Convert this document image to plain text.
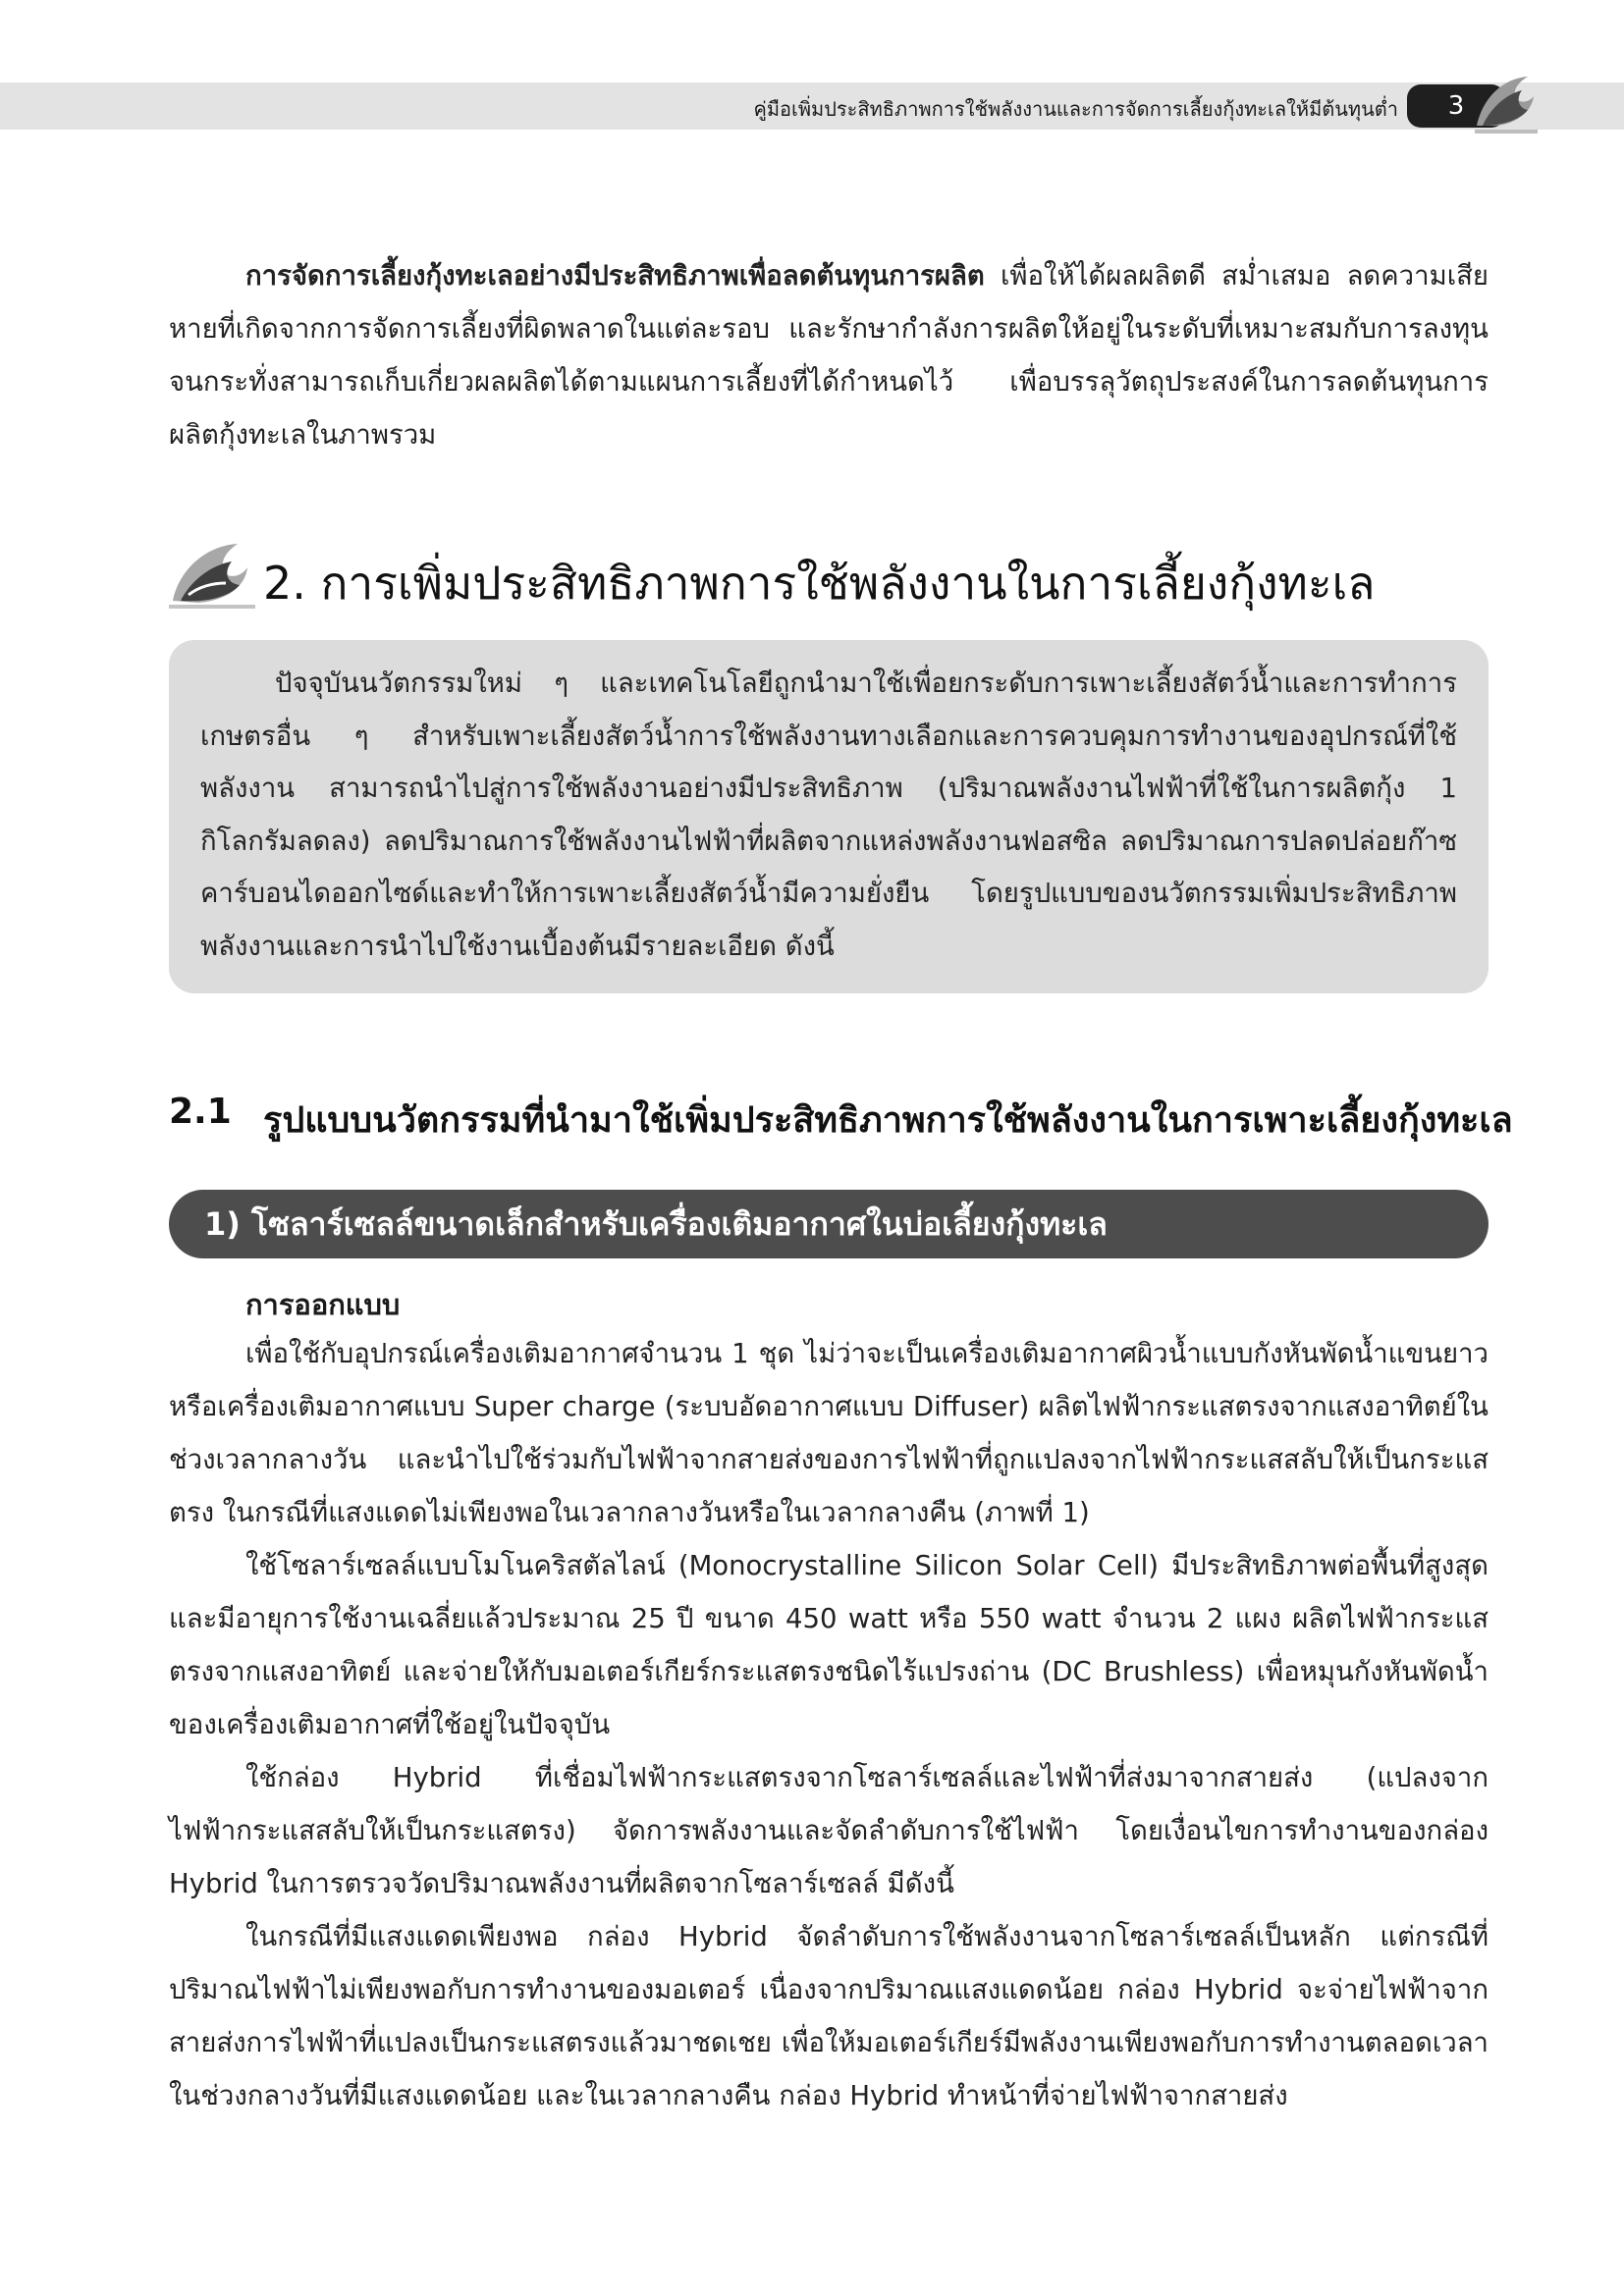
คู่มือเพิ่มประสิทธิภาพการใช้พลังงานและการจัดการเลี้ยงกุ้งทะเลให้มีต้นทุนต่ำ	3

การจัดการเลี้ยงกุ้งทะเลอย่างมีประสิทธิภาพเพื่อลดต้นทุนการผลิต เพื่อให้ได้ผลผลิตดี สม่ำเสมอ ลดความเสียหายที่เกิดจากการจัดการเลี้ยงที่ผิดพลาดในแต่ละรอบ และรักษากำลังการผลิตให้อยู่ในระดับที่เหมาะสมกับการลงทุนจนกระทั่งสามารถเก็บเกี่ยวผลผลิตได้ตามแผนการเลี้ยงที่ได้กำหนดไว้ เพื่อบรรลุวัตถุประสงค์ในการลดต้นทุนการผลิตกุ้งทะเลในภาพรวม

2. การเพิ่มประสิทธิภาพการใช้พลังงานในการเลี้ยงกุ้งทะเล

ปัจจุบันนวัตกรรมใหม่ ๆ และเทคโนโลยีถูกนำมาใช้เพื่อยกระดับการเพาะเลี้ยงสัตว์น้ำและการทำการเกษตรอื่น ๆ สำหรับเพาะเลี้ยงสัตว์น้ำการใช้พลังงานทางเลือกและการควบคุมการทำงานของอุปกรณ์ที่ใช้พลังงาน สามารถนำไปสู่การใช้พลังงานอย่างมีประสิทธิภาพ (ปริมาณพลังงานไฟฟ้าที่ใช้ในการผลิตกุ้ง 1 กิโลกรัมลดลง) ลดปริมาณการใช้พลังงานไฟฟ้าที่ผลิตจากแหล่งพลังงานฟอสซิล ลดปริมาณการปลดปล่อยก๊าซคาร์บอนไดออกไซด์และทำให้การเพาะเลี้ยงสัตว์น้ำมีความยั่งยืน โดยรูปแบบของนวัตกรรมเพิ่มประสิทธิภาพพลังงานและการนำไปใช้งานเบื้องต้นมีรายละเอียด ดังนี้

2.1 รูปแบบนวัตกรรมที่นำมาใช้เพิ่มประสิทธิภาพการใช้พลังงานในการเพาะเลี้ยงกุ้งทะเล
1) โซลาร์เซลล์ขนาดเล็กสำหรับเครื่องเติมอากาศในบ่อเลี้ยงกุ้งทะเล
การออกแบบ

เพื่อใช้กับอุปกรณ์เครื่องเติมอากาศจำนวน 1 ชุด ไม่ว่าจะเป็นเครื่องเติมอากาศผิวน้ำแบบกังหันพัดน้ำแขนยาวหรือเครื่องเติมอากาศแบบ Super charge (ระบบอัดอากาศแบบ Diffuser) ผลิตไฟฟ้ากระแสตรงจากแสงอาทิตย์ในช่วงเวลากลางวัน และนำไปใช้ร่วมกับไฟฟ้าจากสายส่งของการไฟฟ้าที่ถูกแปลงจากไฟฟ้ากระแสสลับให้เป็นกระแสตรง ในกรณีที่แสงแดดไม่เพียงพอในเวลากลางวันหรือในเวลากลางคืน (ภาพที่ 1)

ใช้โซลาร์เซลล์แบบโมโนคริสตัลไลน์ (Monocrystalline Silicon Solar Cell) มีประสิทธิภาพต่อพื้นที่สูงสุดและมีอายุการใช้งานเฉลี่ยแล้วประมาณ 25 ปี ขนาด 450 watt หรือ 550 watt จำนวน 2 แผง ผลิตไฟฟ้ากระแสตรงจากแสงอาทิตย์ และจ่ายให้กับมอเตอร์เกียร์กระแสตรงชนิดไร้แปรงถ่าน (DC Brushless) เพื่อหมุนกังหันพัดน้ำของเครื่องเติมอากาศที่ใช้อยู่ในปัจจุบัน

ใช้กล่อง Hybrid ที่เชื่อมไฟฟ้ากระแสตรงจากโซลาร์เซลล์และไฟฟ้าที่ส่งมาจากสายส่ง (แปลงจากไฟฟ้ากระแสสลับให้เป็นกระแสตรง) จัดการพลังงานและจัดลำดับการใช้ไฟฟ้า โดยเงื่อนไขการทำงานของกล่อง Hybrid ในการตรวจวัดปริมาณพลังงานที่ผลิตจากโซลาร์เซลล์ มีดังนี้

ในกรณีที่มีแสงแดดเพียงพอ กล่อง Hybrid จัดลำดับการใช้พลังงานจากโซลาร์เซลล์เป็นหลัก แต่กรณีที่ปริมาณไฟฟ้าไม่เพียงพอกับการทำงานของมอเตอร์ เนื่องจากปริมาณแสงแดดน้อย กล่อง Hybrid จะจ่ายไฟฟ้าจากสายส่งการไฟฟ้าที่แปลงเป็นกระแสตรงแล้วมาชดเชย เพื่อให้มอเตอร์เกียร์มีพลังงานเพียงพอกับการทำงานตลอดเวลาในช่วงกลางวันที่มีแสงแดดน้อย และในเวลากลางคืน กล่อง Hybrid ทำหน้าที่จ่ายไฟฟ้าจากสายส่ง
